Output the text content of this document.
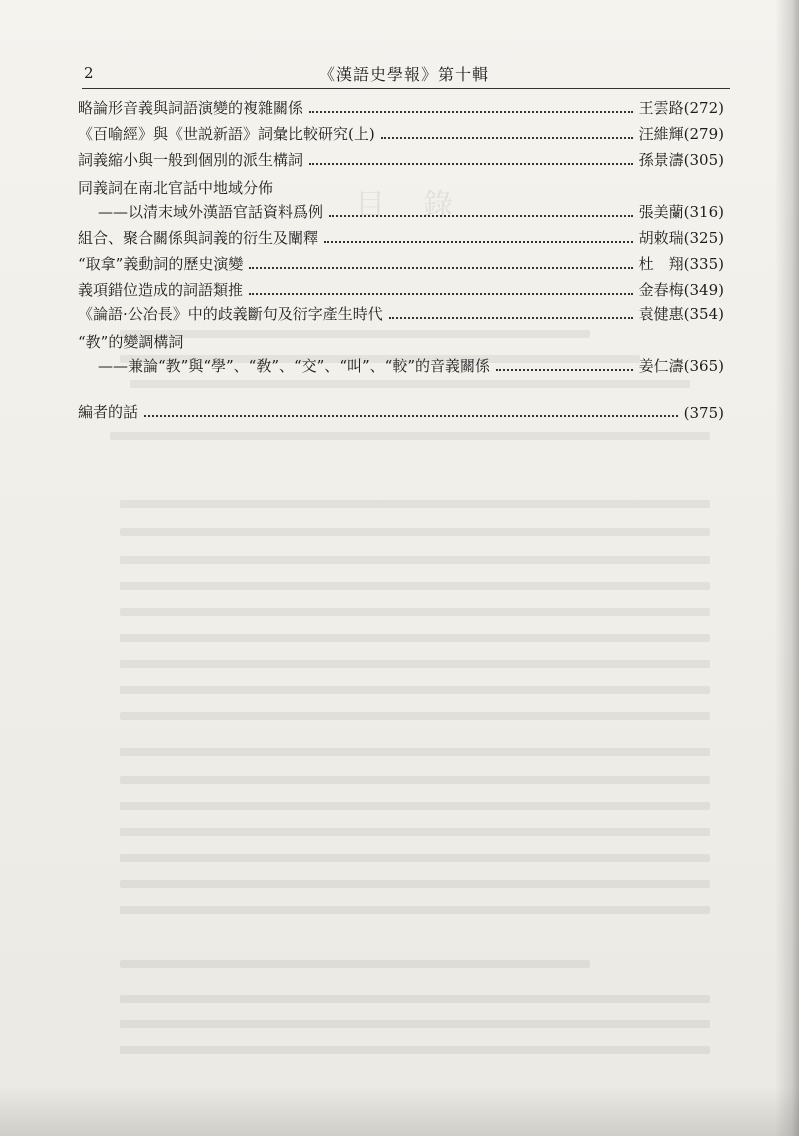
目錄
2	《漢語史學報》第十輯
略論形音義與詞語演變的複雜關係	王雲路(272)
《百喻經》與《世説新語》詞彙比較研究(上)	汪維輝(279)
詞義縮小與一般到個別的派生構詞	孫景濤(305)
同義詞在南北官話中地域分佈
——以清末域外漢語官話資料爲例	張美蘭(316)
組合、聚合關係與詞義的衍生及闡釋	胡敕瑞(325)
“取拿”義動詞的歷史演變	杜　翔(335)
義項錯位造成的詞語類推	金春梅(349)
《論語·公冶長》中的歧義斷句及衍字產生時代	袁健惠(354)
“教”的變調構詞
——兼論“教”與“學”、“敎”、“交”、“叫”、“較”的音義關係	姜仁濤(365)
編者的話	(375)
